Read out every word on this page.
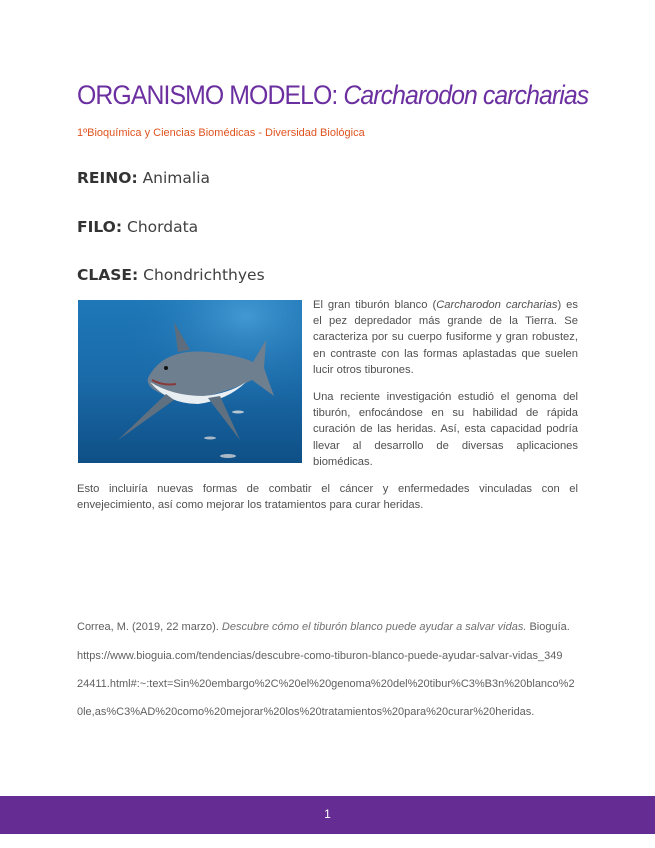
ORGANISMO MODELO: Carcharodon carcharias
1ºBioquímica y Ciencias Biomédicas - Diversidad Biológica
REINO: Animalia
FILO: Chordata
CLASE: Chondrichthyes
El gran tiburón blanco (Carcharodon carcharias) es el pez depredador más grande de la Tierra. Se caracteriza por su cuerpo fusiforme y gran robustez, en contraste con las formas aplastadas que suelen lucir otros tiburones.
Una reciente investigación estudió el genoma del tiburón, enfocándose en su habilidad de rápida curación de las heridas. Así, esta capacidad podría llevar al desarrollo de diversas aplicaciones biomédicas.
Esto incluiría nuevas formas de combatir el cáncer y enfermedades vinculadas con el envejecimiento, así como mejorar los tratamientos para curar heridas.
Correa, M. (2019, 22 marzo). Descubre cómo el tiburón blanco puede ayudar a salvar vidas. Bioguía.
https://www.bioguia.com/tendencias/descubre-como-tiburon-blanco-puede-ayudar-salvar-vidas_349
24411.html#:~:text=Sin%20embargo%2C%20el%20genoma%20del%20tibur%C3%B3n%20blanco%2
0le,as%C3%AD%20como%20mejorar%20los%20tratamientos%20para%20curar%20heridas.
1
